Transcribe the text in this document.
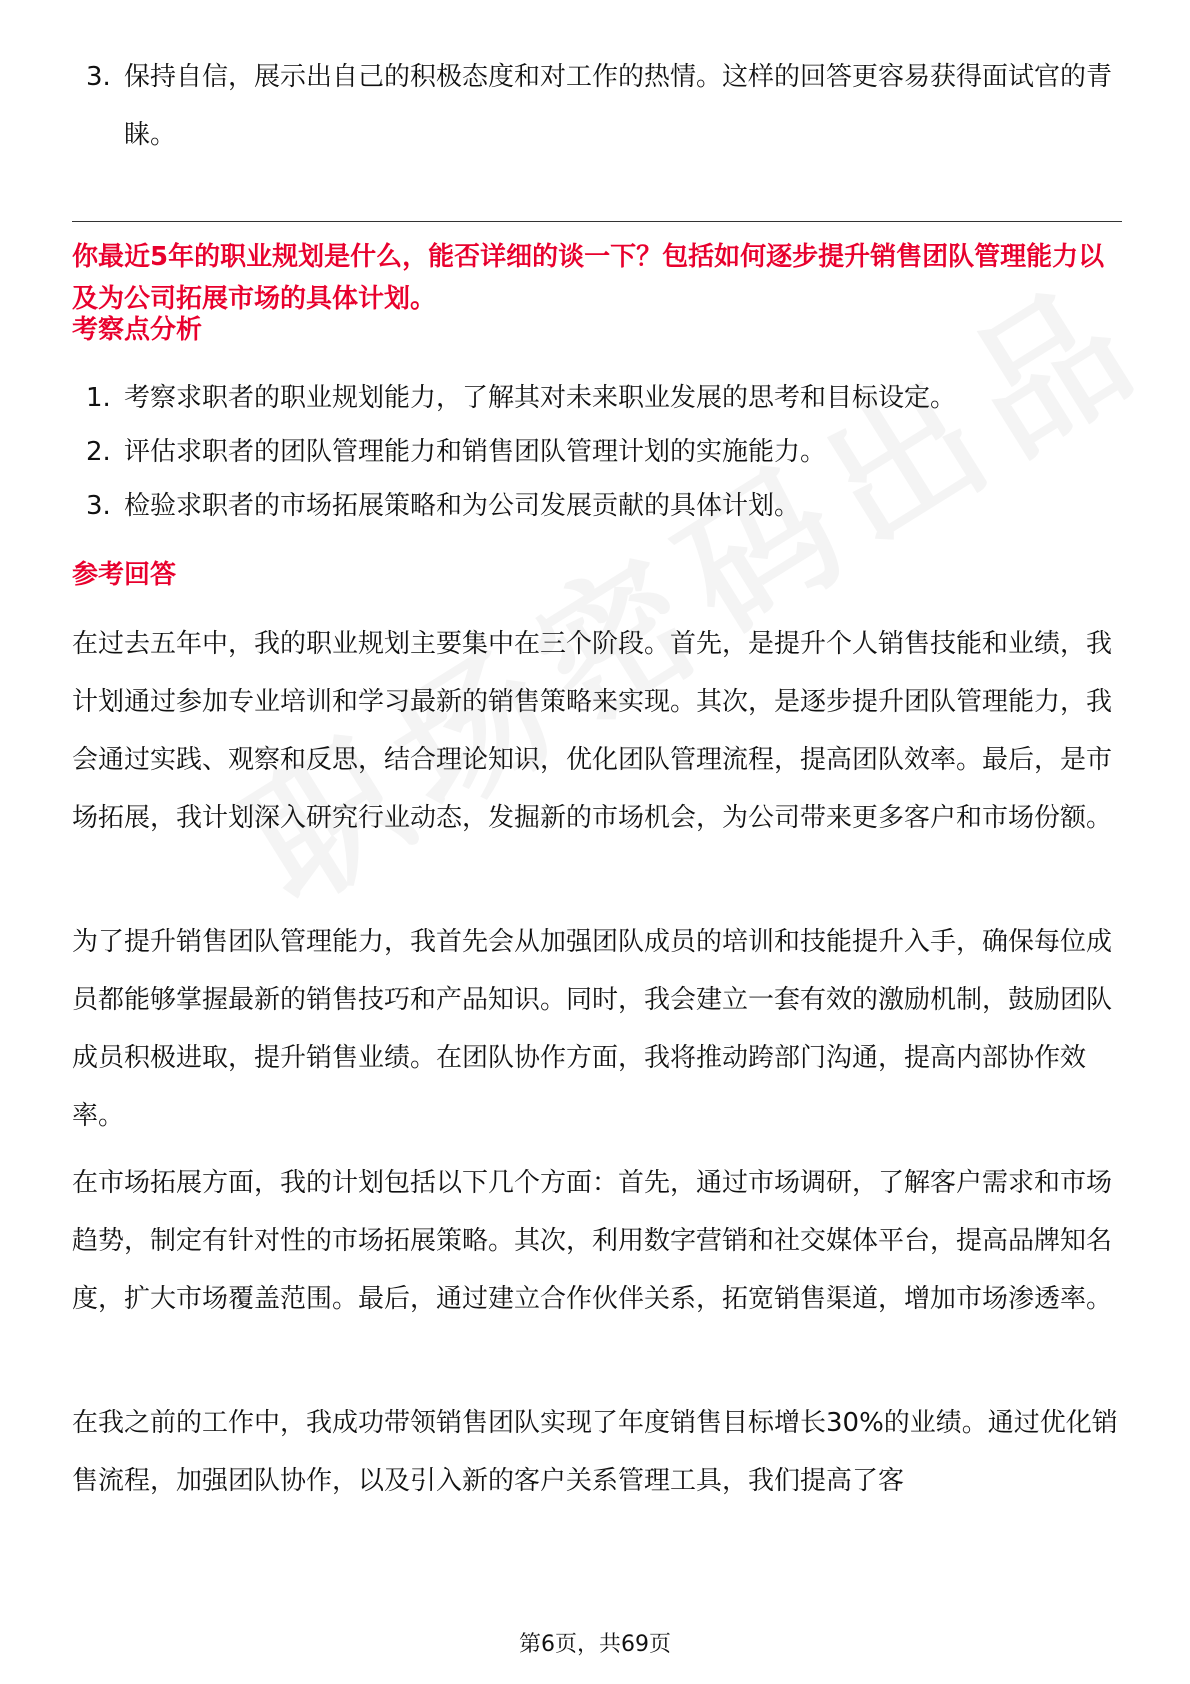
3. 保持自信，展示出自己的积极态度和对工作的热情。这样的回答更容易获得面试官的青睐。
你最近5年的职业规划是什么，能否详细的谈一下？包括如何逐步提升销售团队管理能力以及为公司拓展市场的具体计划。
考察点分析
1. 考察求职者的职业规划能力，了解其对未来职业发展的思考和目标设定。
2. 评估求职者的团队管理能力和销售团队管理计划的实施能力。
3. 检验求职者的市场拓展策略和为公司发展贡献的具体计划。
参考回答

在过去五年中，我的职业规划主要集中在三个阶段。首先，是提升个人销售技能和业绩，我计划通过参加专业培训和学习最新的销售策略来实现。其次，是逐步提升团队管理能力，我会通过实践、观察和反思，结合理论知识，优化团队管理流程，提高团队效率。最后，是市场拓展，我计划深入研究行业动态，发掘新的市场机会，为公司带来更多客户和市场份额。

为了提升销售团队管理能力，我首先会从加强团队成员的培训和技能提升入手，确保每位成员都能够掌握最新的销售技巧和产品知识。同时，我会建立一套有效的激励机制，鼓励团队成员积极进取，提升销售业绩。在团队协作方面，我将推动跨部门沟通，提高内部协作效率。

在市场拓展方面，我的计划包括以下几个方面：首先，通过市场调研，了解客户需求和市场趋势，制定有针对性的市场拓展策略。其次，利用数字营销和社交媒体平台，提高品牌知名度，扩大市场覆盖范围。最后，通过建立合作伙伴关系，拓宽销售渠道，增加市场渗透率。

在我之前的工作中，我成功带领销售团队实现了年度销售目标增长30%的业绩。通过优化销售流程，加强团队协作，以及引入新的客户关系管理工具，我们提高了客

第6页，共69页
